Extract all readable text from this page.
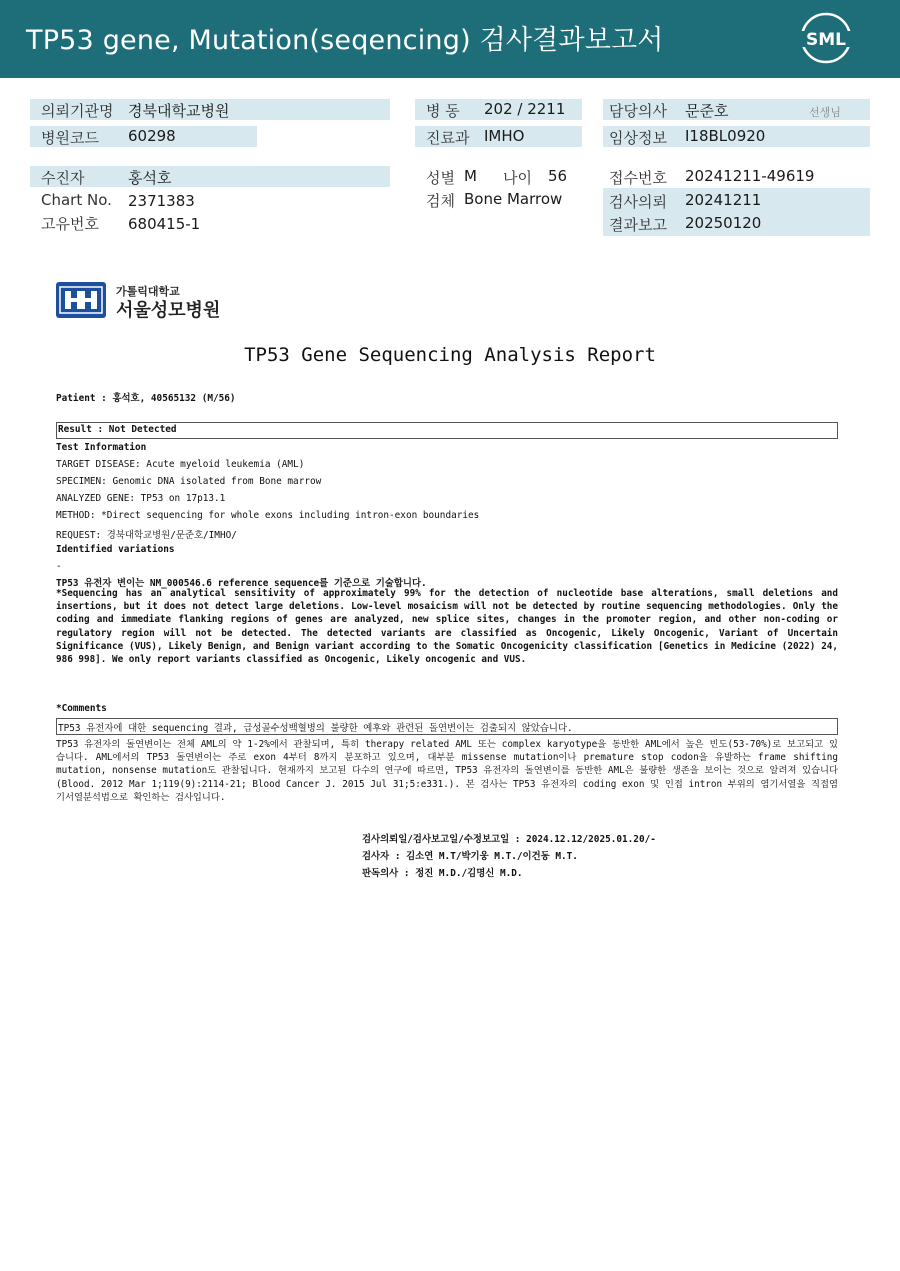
TP53 gene, Mutation(seqencing) 검사결과보고서	SML
의뢰기관명 경북대학교병원
병원코드 60298
병 동 202 / 2211
진료과 IMHO
담당의사 문준호	선생님
임상정보 I18BL0920
수진자	홍석호
Chart No. 2371383
고유번호 680415-1
성별 M 나이 56
검체 Bone Marrow
접수번호 20241211-49619
검사의뢰 20241211
결과보고 20250120
가톨릭대학교
서울성모병원
TP53 Gene Sequencing Analysis Report
Patient : 홍석호, 40565132 (M/56)
Result : Not Detected
Test Information
TARGET DISEASE: Acute myeloid leukemia (AML)
SPECIMEN: Genomic DNA isolated from Bone marrow
ANALYZED GENE: TP53 on 17p13.1
METHOD: *Direct sequencing for whole exons including intron-exon boundaries
REQUEST: 경북대학교병원/문준호/IMHO/
Identified variations
-
TP53 유전자 변이는 NM_000546.6 reference sequence를 기준으로 기술합니다.
*Sequencing has an analytical sensitivity of approximately 99% for the detection of nucleotide base alterations, small deletions and insertions, but it does not detect large deletions. Low-level mosaicism will not be detected by routine sequencing methodologies. Only the coding and immediate flanking regions of genes are analyzed, new splice sites, changes in the promoter region, and other non-coding or regulatory region will not be detected. The detected variants are classified as Oncogenic, Likely Oncogenic, Variant of Uncertain Significance (VUS), Likely Benign, and Benign variant according to the Somatic Oncogenicity classification [Genetics in Medicine (2022) 24, 986 998]. We only report variants classified as Oncogenic, Likely oncogenic and VUS.
*Comments
TP53 유전자에 대한 sequencing 결과, 급성골수성백혈병의 불량한 예후와 관련된 돌연변이는 검출되지 않았습니다.
TP53 유전자의 돌연변이는 전체 AML의 약 1-2%에서 관찰되며, 특히 therapy related AML 또는 complex karyotype을 동반한 AML에서 높은 빈도(53-70%)로 보고되고 있습니다. AML에서의 TP53 돌연변이는 주로 exon 4부터 8까지 분포하고 있으며, 대부분 missense mutation이나 premature stop codon을 유발하는 frame shifting mutation, nonsense mutation도 관찰됩니다. 현재까지 보고된 다수의 연구에 따르면, TP53 유전자의 돌연변이를 동반한 AML은 불량한 생존을 보이는 것으로 알려져 있습니다 (Blood. 2012 Mar 1;119(9):2114-21; Blood Cancer J. 2015 Jul 31;5:e331.). 본 검사는 TP53 유전자의 coding exon 및 인접 intron 부위의 염기서열을 직접염기서열분석법으로 확인하는 검사입니다.
검사의뢰일/검사보고일/수정보고일 : 2024.12.12/2025.01.20/-
검사자 : 김소연 M.T/박기웅 M.T./이건동 M.T.
판독의사 : 정진 M.D./김명신 M.D.
